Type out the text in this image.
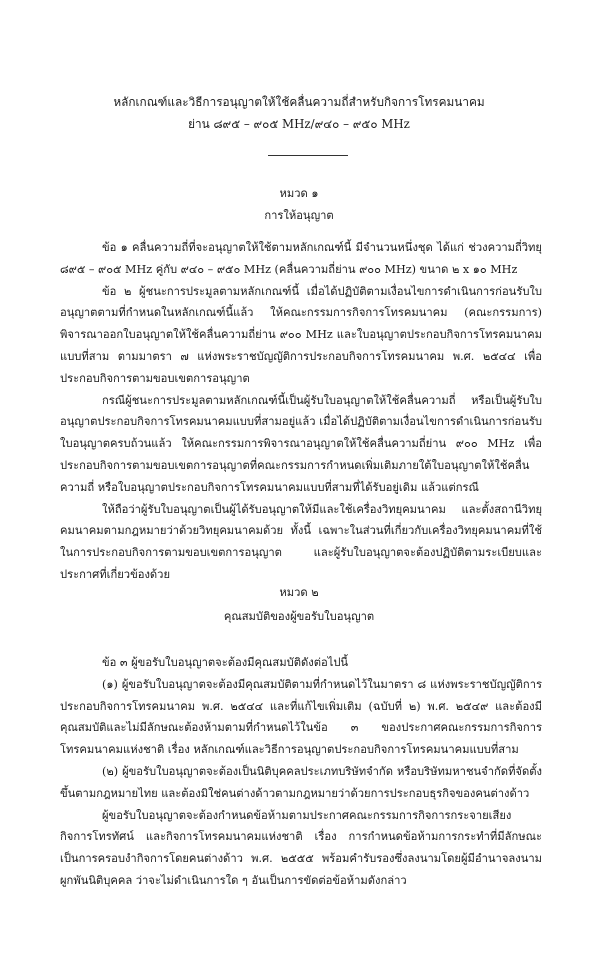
หลักเกณฑ์และวิธีการอนุญาตให้ใช้คลื่นความถี่สำหรับกิจการโทรคมนาคม
ย่าน ๘๙๕ – ๙๐๕ MHz/๙๔๐ – ๙๕๐ MHz
หมวด ๑
การให้อนุญาต

ข้อ ๑ คลื่นความถี่ที่จะอนุญาตให้ใช้ตามหลักเกณฑ์นี้ มีจำนวนหนึ่งชุด ได้แก่ ช่วงความถี่วิทยุ ๘๙๕ – ๙๐๕ MHz คู่กับ ๙๔๐ – ๙๕๐ MHz (คลื่นความถี่ย่าน ๙๐๐ MHz) ขนาด ๒ x ๑๐ MHz

ข้อ ๒ ผู้ชนะการประมูลตามหลักเกณฑ์นี้ เมื่อได้ปฏิบัติตามเงื่อนไขการดำเนินการก่อนรับใบอนุญาตตามที่กำหนดในหลักเกณฑ์นี้แล้ว ให้คณะกรรมการกิจการโทรคมนาคม (คณะกรรมการ) พิจารณาออกใบอนุญาตให้ใช้คลื่นความถี่ย่าน ๙๐๐ MHz และใบอนุญาตประกอบกิจการโทรคมนาคมแบบที่สาม ตามมาตรา ๗ แห่งพระราชบัญญัติการประกอบกิจการโทรคมนาคม พ.ศ. ๒๕๔๔ เพื่อประกอบกิจการตามขอบเขตการอนุญาต

กรณีผู้ชนะการประมูลตามหลักเกณฑ์นี้เป็นผู้รับใบอนุญาตให้ใช้คลื่นความถี่ หรือเป็นผู้รับใบอนุญาตประกอบกิจการโทรคมนาคมแบบที่สามอยู่แล้ว เมื่อได้ปฏิบัติตามเงื่อนไขการดำเนินการก่อนรับใบอนุญาตครบถ้วนแล้ว ให้คณะกรรมการพิจารณาอนุญาตให้ใช้คลื่นความถี่ย่าน ๙๐๐ MHz เพื่อประกอบกิจการตามขอบเขตการอนุญาตที่คณะกรรมการกำหนดเพิ่มเติมภายใต้ใบอนุญาตให้ใช้คลื่นความถี่ หรือใบอนุญาตประกอบกิจการโทรคมนาคมแบบที่สามที่ได้รับอยู่เดิม แล้วแต่กรณี

ให้ถือว่าผู้รับใบอนุญาตเป็นผู้ได้รับอนุญาตให้มีและใช้เครื่องวิทยุคมนาคม และตั้งสถานีวิทยุคมนาคมตามกฎหมายว่าด้วยวิทยุคมนาคมด้วย ทั้งนี้ เฉพาะในส่วนที่เกี่ยวกับเครื่องวิทยุคมนาคมที่ใช้ในการประกอบกิจการตามขอบเขตการอนุญาต และผู้รับใบอนุญาตจะต้องปฏิบัติตามระเบียบและประกาศที่เกี่ยวข้องด้วย

หมวด ๒
คุณสมบัติของผู้ขอรับใบอนุญาต

ข้อ ๓ ผู้ขอรับใบอนุญาตจะต้องมีคุณสมบัติดังต่อไปนี้

(๑) ผู้ขอรับใบอนุญาตจะต้องมีคุณสมบัติตามที่กำหนดไว้ในมาตรา ๘ แห่งพระราชบัญญัติการประกอบกิจการโทรคมนาคม พ.ศ. ๒๕๔๔ และที่แก้ไขเพิ่มเติม (ฉบับที่ ๒) พ.ศ. ๒๕๔๙ และต้องมีคุณสมบัติและไม่มีลักษณะต้องห้ามตามที่กำหนดไว้ในข้อ ๓ ของประกาศคณะกรรมการกิจการโทรคมนาคมแห่งชาติ เรื่อง หลักเกณฑ์และวิธีการอนุญาตประกอบกิจการโทรคมนาคมแบบที่สาม

(๒) ผู้ขอรับใบอนุญาตจะต้องเป็นนิติบุคคลประเภทบริษัทจำกัด หรือบริษัทมหาชนจำกัดที่จัดตั้งขึ้นตามกฎหมายไทย และต้องมิใช่คนต่างด้าวตามกฎหมายว่าด้วยการประกอบธุรกิจของคนต่างด้าว

ผู้ขอรับใบอนุญาตจะต้องกำหนดข้อห้ามตามประกาศคณะกรรมการกิจการกระจายเสียง กิจการโทรทัศน์ และกิจการโทรคมนาคมแห่งชาติ เรื่อง การกำหนดข้อห้ามการกระทำที่มีลักษณะเป็นการครอบงำกิจการโดยคนต่างด้าว พ.ศ. ๒๕๕๕ พร้อมคำรับรองซึ่งลงนามโดยผู้มีอำนาจลงนามผูกพันนิติบุคคล ว่าจะไม่ดำเนินการใด ๆ อันเป็นการขัดต่อข้อห้ามดังกล่าว
